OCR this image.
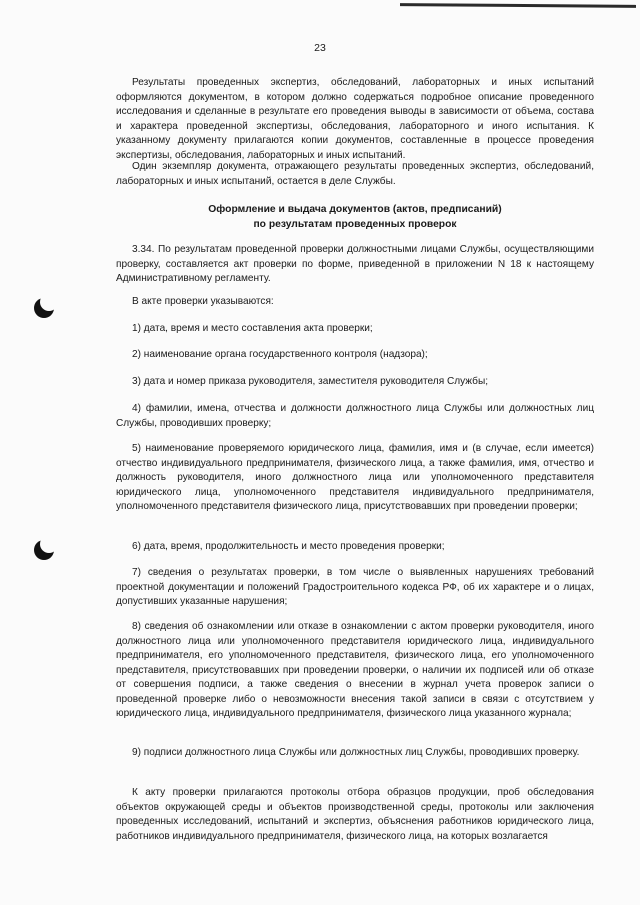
23

Результаты проведенных экспертиз, обследований, лабораторных и иных испытаний оформляются документом, в котором должно содержаться подробное описание проведенного исследования и сделанные в результате его проведения выводы в зависимости от объема, состава и характера проведенной экспертизы, обследования, лабораторного и иного испытания. К указанному документу прилагаются копии документов, составленные в процессе проведения экспертизы, обследования, лабораторных и иных испытаний.

Один экземпляр документа, отражающего результаты проведенных экспертиз, обследований, лабораторных и иных испытаний, остается в деле Службы.

Оформление и выдача документов (актов, предписаний)

по результатам проведенных проверок

3.34. По результатам проведенной проверки должностными лицами Службы, осуществляющими проверку, составляется акт проверки по форме, приведенной в приложении N 18 к настоящему Административному регламенту.

В акте проверки указываются:

1) дата, время и место составления акта проверки;

2) наименование органа государственного контроля (надзора);

3) дата и номер приказа руководителя, заместителя руководителя Службы;

4) фамилии, имена, отчества и должности должностного лица Службы или должностных лиц Службы, проводивших проверку;

5) наименование проверяемого юридического лица, фамилия, имя и (в случае, если имеется) отчество индивидуального предпринимателя, физического лица, а также фамилия, имя, отчество и должность руководителя, иного должностного лица или уполномоченного представителя юридического лица, уполномоченного представителя индивидуального предпринимателя, уполномоченного представителя физического лица, присутствовавших при проведении проверки;

6) дата, время, продолжительность и место проведения проверки;

7) сведения о результатах проверки, в том числе о выявленных нарушениях требований проектной документации и положений Градостроительного кодекса РФ, об их характере и о лицах, допустивших указанные нарушения;

8) сведения об ознакомлении или отказе в ознакомлении с актом проверки руководителя, иного должностного лица или уполномоченного представителя юридического лица, индивидуального предпринимателя, его уполномоченного представителя, физического лица, его уполномоченного представителя, присутствовавших при проведении проверки, о наличии их подписей или об отказе от совершения подписи, а также сведения о внесении в журнал учета проверок записи о проведенной проверке либо о невозможности внесения такой записи в связи с отсутствием у юридического лица, индивидуального предпринимателя, физического лица указанного журнала;

9) подписи должностного лица Службы или должностных лиц Службы, проводивших проверку.

К акту проверки прилагаются протоколы отбора образцов продукции, проб обследования объектов окружающей среды и объектов производственной среды, протоколы или заключения проведенных исследований, испытаний и экспертиз, объяснения работников юридического лица, работников индивидуального предпринимателя, физического лица, на которых возлагается
